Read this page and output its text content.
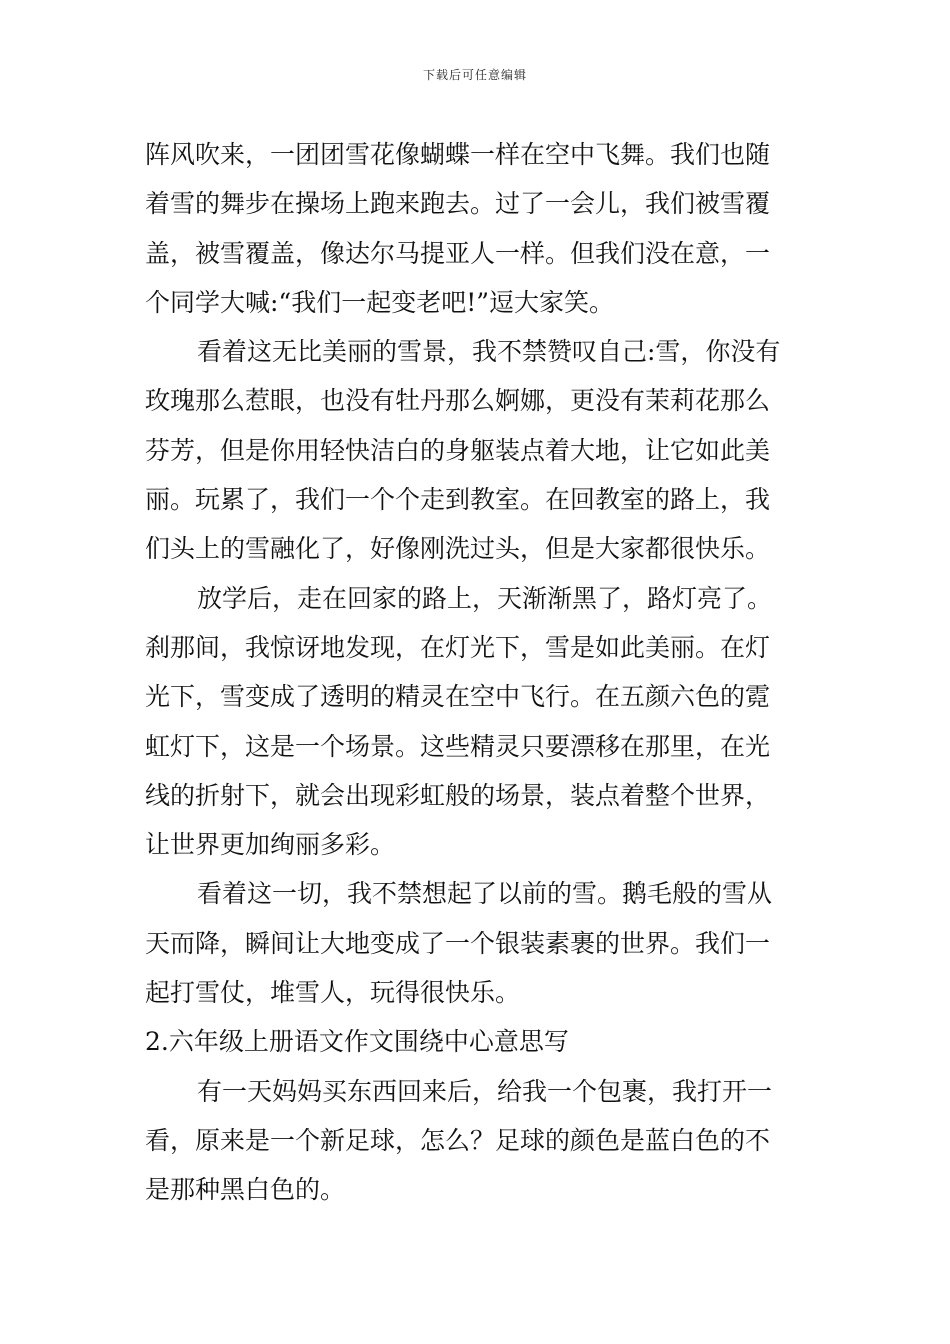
下载后可任意编辑
阵风吹来，一团团雪花像蝴蝶一样在空中飞舞。我们也随
着雪的舞步在操场上跑来跑去。过了一会儿，我们被雪覆
盖，被雪覆盖，像达尔马提亚人一样。但我们没在意，一
个同学大喊:“我们一起变老吧!”逗大家笑。
看着这无比美丽的雪景，我不禁赞叹自己:雪，你没有
玫瑰那么惹眼，也没有牡丹那么婀娜，更没有茉莉花那么
芬芳，但是你用轻快洁白的身躯装点着大地，让它如此美
丽。玩累了，我们一个个走到教室。在回教室的路上，我
们头上的雪融化了，好像刚洗过头，但是大家都很快乐。
放学后，走在回家的路上，天渐渐黑了，路灯亮了。
刹那间，我惊讶地发现，在灯光下，雪是如此美丽。在灯
光下，雪变成了透明的精灵在空中飞行。在五颜六色的霓
虹灯下，这是一个场景。这些精灵只要漂移在那里，在光
线的折射下，就会出现彩虹般的场景，装点着整个世界，
让世界更加绚丽多彩。
看着这一切，我不禁想起了以前的雪。鹅毛般的雪从
天而降，瞬间让大地变成了一个银装素裹的世界。我们一
起打雪仗，堆雪人，玩得很快乐。
2.六年级上册语文作文围绕中心意思写
有一天妈妈买东西回来后，给我一个包裹，我打开一
看，原来是一个新足球，怎么？足球的颜色是蓝白色的不
是那种黑白色的。
